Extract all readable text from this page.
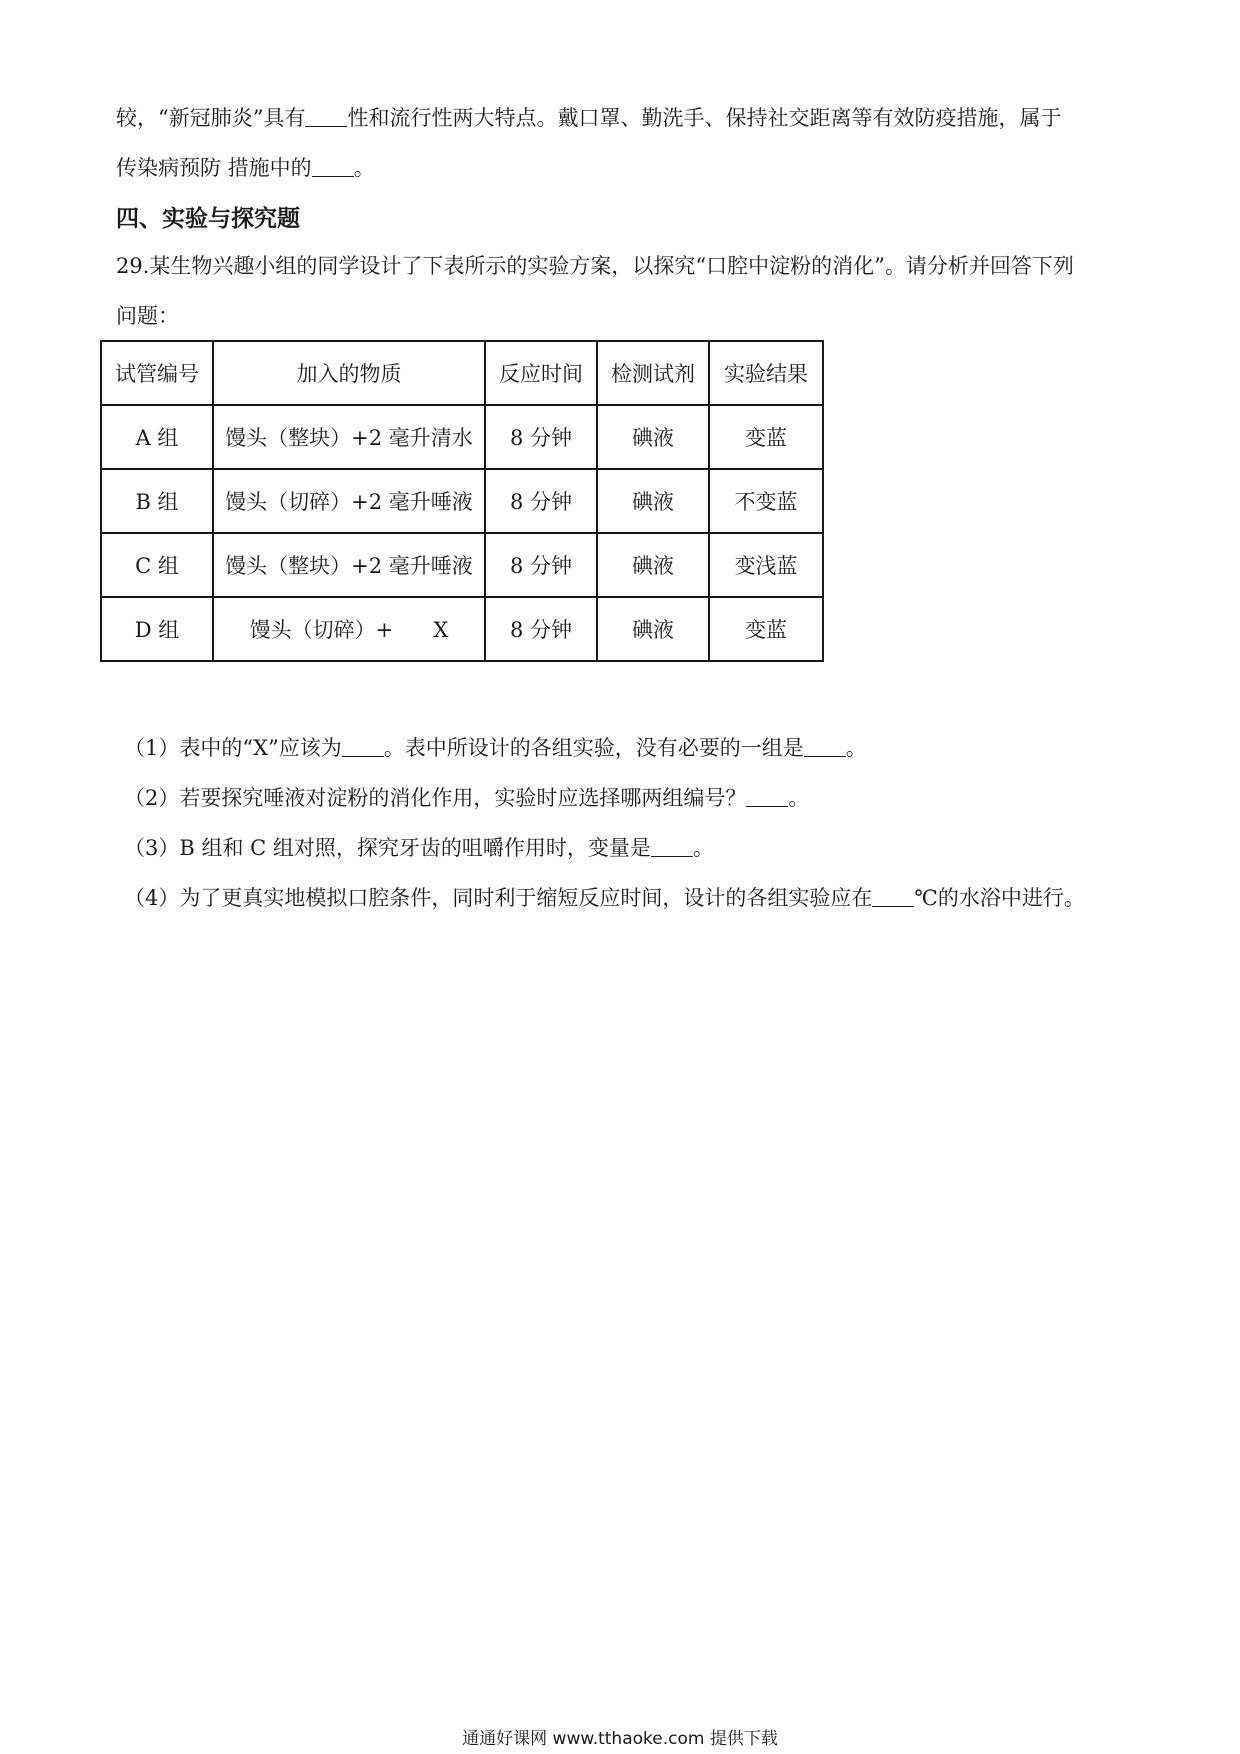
较，“新冠肺炎”具有 性和流行性两大特点。戴口罩、勤洗手、保持社交距离等有效防疫措施，属于
传染病预防 措施中的 。
四、实验与探究题
29.某生物兴趣小组的同学设计了下表所示的实验方案，以探究“口腔中淀粉的消化”。请分析并回答下列
问题：
试管编号	加入的物质	反应时间	检测试剂	实验结果
A 组	馒头（整块）+2 毫升清水	8 分钟	碘液	变蓝
B 组	馒头（切碎）+2 毫升唾液	8 分钟	碘液	不变蓝
C 组	馒头（整块）+2 毫升唾液	8 分钟	碘液	变浅蓝
D 组	馒头（切碎）+      X	8 分钟	碘液	变蓝
（1）表中的“X”应该为 。表中所设计的各组实验，没有必要的一组是 。
（2）若要探究唾液对淀粉的消化作用，实验时应选择哪两组编号？ 。
（3）B 组和 C 组对照，探究牙齿的咀嚼作用时，变量是 。
（4）为了更真实地模拟口腔条件，同时利于缩短反应时间，设计的各组实验应在 ℃的水浴中进行。
通通好课网 www.tthaoke.com 提供下载
